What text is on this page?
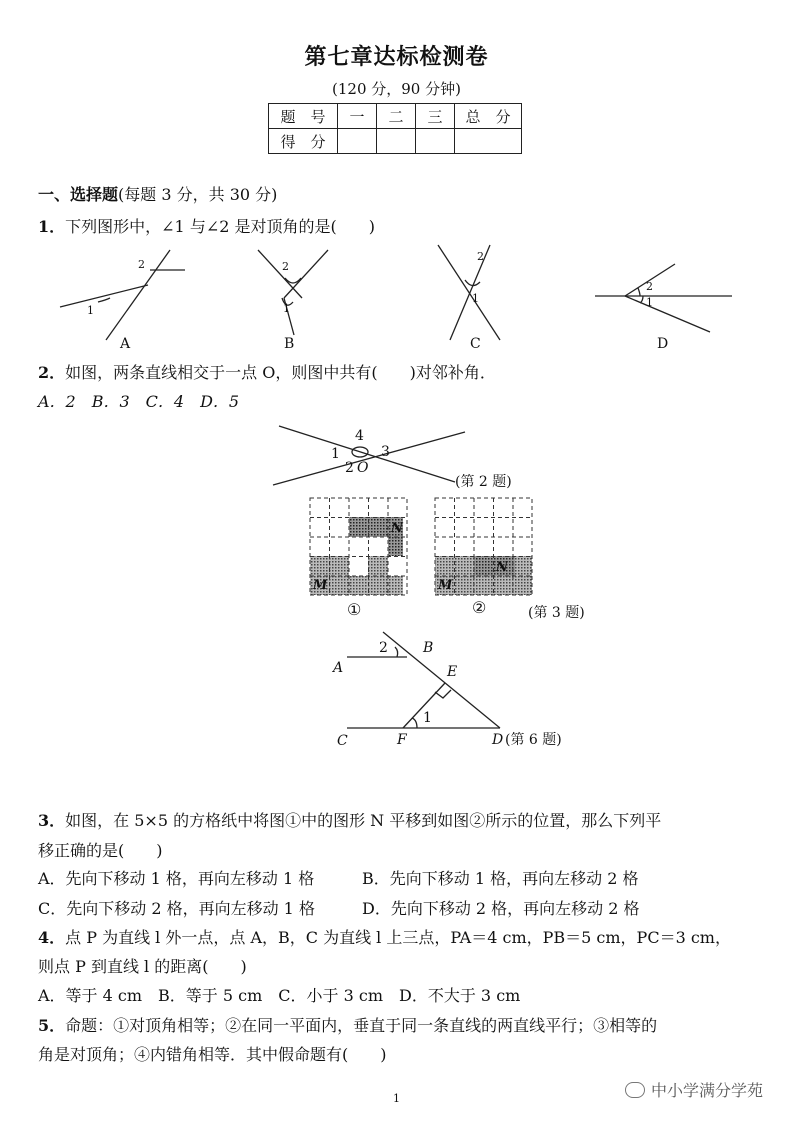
第七章达标检测卷
(120 分，90 分钟)
题　号	一	二	三	总　分
得　分				
一、选择题(每题 3 分，共 30 分)
1．下列图形中，∠1 与∠2 是对顶角的是(　　)
1
2	2
1
2
1
2
1
A	B	C	D
2．如图，两条直线相交于一点 O，则图中共有(　　)对邻补角．
A．2　B．3　C．4　D．5
4
1	3
2 O
(第 2 题)
M
N
M
N
①	②	(第 3 题)
A
B
E
C	F	D
1
2
(第 6 题)
3．如图，在 5×5 的方格纸中将图①中的图形 N 平移到如图②所示的位置，那么下列平
移正确的是(　　)
A．先向下移动 1 格，再向左移动 1 格	B．先向下移动 1 格，再向左移动 2 格
C．先向下移动 2 格，再向左移动 1 格	D．先向下移动 2 格，再向左移动 2 格
4．点 P 为直线 l 外一点，点 A，B，C 为直线 l 上三点，PA＝4 cm，PB＝5 cm，PC＝3 cm，
则点 P 到直线 l 的距离(　　)
A．等于 4 cm　B．等于 5 cm　C．小于 3 cm　D．不大于 3 cm
5．命题：①对顶角相等；②在同一平面内，垂直于同一条直线的两直线平行；③相等的
角是对顶角；④内错角相等．其中假命题有(　　)
1	中小学满分学苑
